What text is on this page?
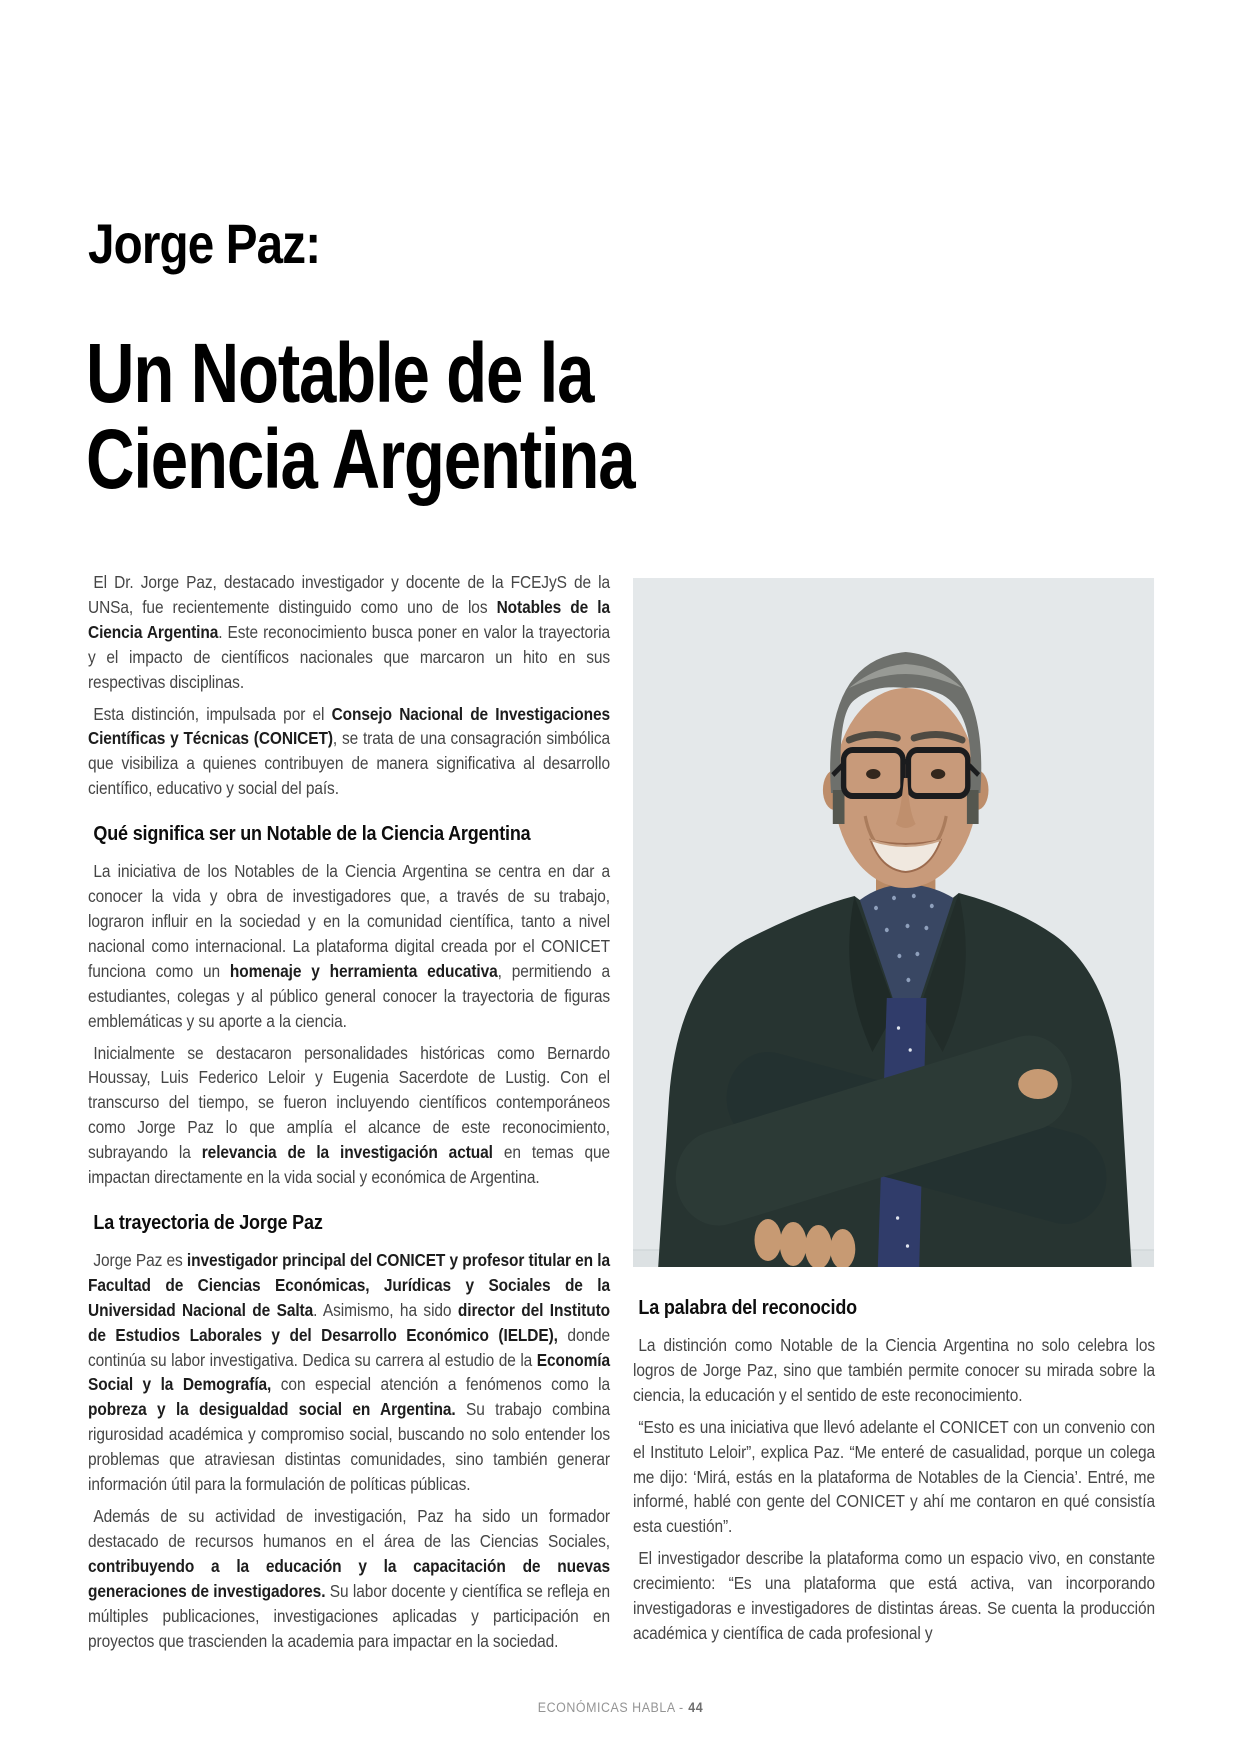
Jorge Paz:
Un Notable de la
Ciencia Argentina

El Dr. Jorge Paz, destacado investigador y docente de la FCEJyS de la UNSa, fue recientemente distinguido como uno de los Notables de la Ciencia Argentina. Este reconocimiento busca poner en valor la trayectoria y el impacto de científicos nacionales que marcaron un hito en sus respectivas disciplinas.

Esta distinción, impulsada por el Consejo Nacional de Investigaciones Científicas y Técnicas (CONICET), se trata de una consagración simbólica que visibiliza a quienes contribuyen de manera significativa al desarrollo científico, educativo y social del país.

Qué significa ser un Notable de la Ciencia Argentina

La iniciativa de los Notables de la Ciencia Argentina se centra en dar a conocer la vida y obra de investigadores que, a través de su trabajo, lograron influir en la sociedad y en la comunidad científica, tanto a nivel nacional como internacional. La plataforma digital creada por el CONICET funciona como un homenaje y herramienta educativa, permitiendo a estudiantes, colegas y al público general conocer la trayectoria de figuras emblemáticas y su aporte a la ciencia.

Inicialmente se destacaron personalidades históricas como Bernardo Houssay, Luis Federico Leloir y Eugenia Sacerdote de Lustig. Con el transcurso del tiempo, se fueron incluyendo científicos contemporáneos como Jorge Paz lo que amplía el alcance de este reconocimiento, subrayando la relevancia de la investigación actual en temas que impactan directamente en la vida social y económica de Argentina.

La trayectoria de Jorge Paz

Jorge Paz es investigador principal del CONICET y profesor titular en la Facultad de Ciencias Económicas, Jurídicas y Sociales de la Universidad Nacional de Salta. Asimismo, ha sido director del Instituto de Estudios Laborales y del Desarrollo Económico (IELDE), donde continúa su labor investigativa. Dedica su carrera al estudio de la Economía Social y la Demografía, con especial atención a fenómenos como la pobreza y la desigualdad social en Argentina. Su trabajo combina rigurosidad académica y compromiso social, buscando no solo entender los problemas que atraviesan distintas comunidades, sino también generar información útil para la formulación de políticas públicas.

Además de su actividad de investigación, Paz ha sido un formador destacado de recursos humanos en el área de las Ciencias Sociales, contribuyendo a la educación y la capacitación de nuevas generaciones de investigadores. Su labor docente y científica se refleja en múltiples publicaciones, investigaciones aplicadas y participación en proyectos que trascienden la academia para impactar en la sociedad.

La palabra del reconocido

La distinción como Notable de la Ciencia Argentina no solo celebra los logros de Jorge Paz, sino que también permite conocer su mirada sobre la ciencia, la educación y el sentido de este reconocimiento.

“Esto es una iniciativa que llevó adelante el CONICET con un convenio con el Instituto Leloir”, explica Paz. “Me enteré de casualidad, porque un colega me dijo: ‘Mirá, estás en la plataforma de Notables de la Ciencia’. Entré, me informé, hablé con gente del CONICET y ahí me contaron en qué consistía esta cuestión”.

El investigador describe la plataforma como un espacio vivo, en constante crecimiento: “Es una plataforma que está activa, van incorporando investigadoras e investigadores de distintas áreas. Se cuenta la producción académica y científica de cada profesional y

ECONÓMICAS HABLA - 44
